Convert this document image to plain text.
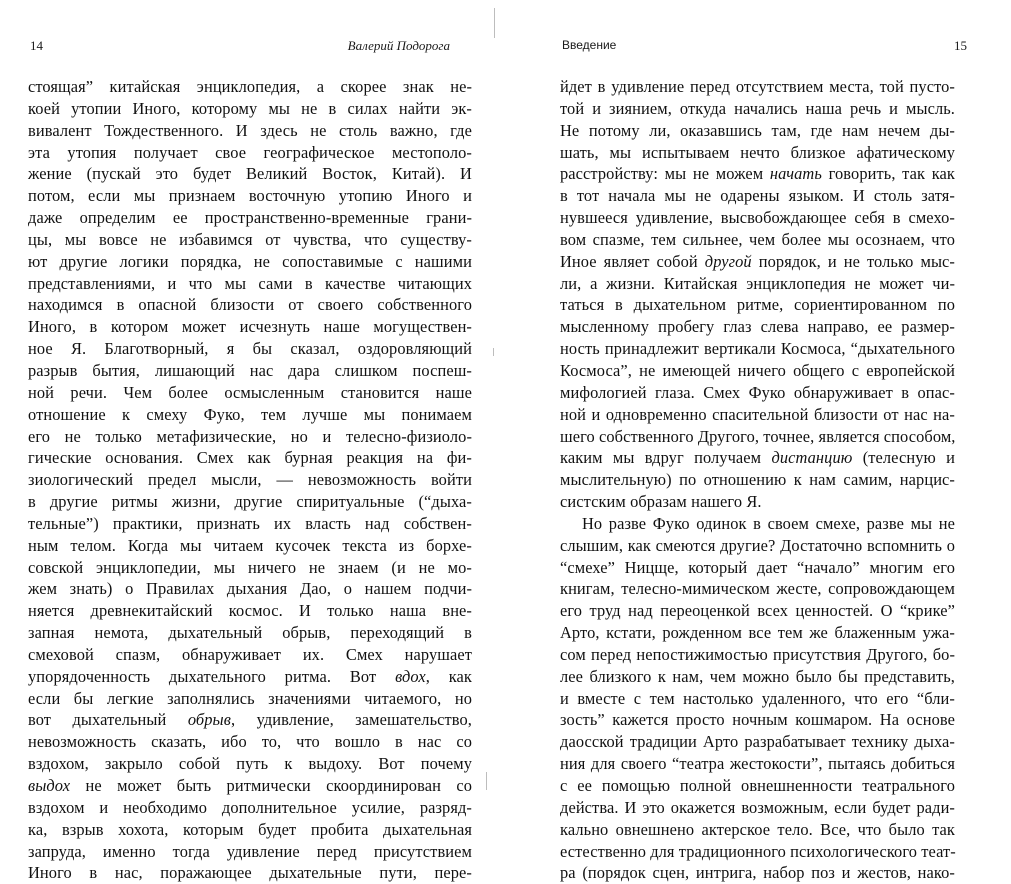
14	Валерий Подорога
стоящая” китайская энциклопедия, а скорее знак не-
коей утопии Иного, которому мы не в силах найти эк-
вивалент Тождественного. И здесь не столь важно, где
эта утопия получает свое географическое местополо-
жение (пускай это будет Великий Восток, Китай). И
потом, если мы признаем восточную утопию Иного и
даже определим ее пространственно-временные грани-
цы, мы вовсе не избавимся от чувства, что существу-
ют другие логики порядка, не сопоставимые с нашими
представлениями, и что мы сами в качестве читающих
находимся в опасной близости от своего собственного
Иного, в котором может исчезнуть наше могуществен-
ное Я. Благотворный, я бы сказал, оздоровляющий
разрыв бытия, лишающий нас дара слишком поспеш-
ной речи. Чем более осмысленным становится наше
отношение к смеху Фуко, тем лучше мы понимаем
его не только метафизические, но и телесно-физиоло-
гические основания. Смех как бурная реакция на фи-
зиологический предел мысли, — невозможность войти
в другие ритмы жизни, другие спиритуальные (“дыха-
тельные”) практики, признать их власть над собствен-
ным телом. Когда мы читаем кусочек текста из борхе-
совской энциклопедии, мы ничего не знаем (и не мо-
жем знать) о Правилах дыхания Дао, о нашем подчи-
няется древнекитайский космос. И только наша вне-
запная немота, дыхательный обрыв, переходящий в
смеховой спазм, обнаруживает их. Смех нарушает
упорядоченность дыхательного ритма. Вот вдох, как
если бы легкие заполнялись значениями читаемого, но
вот дыхательный обрыв, удивление, замешательство,
невозможность сказать, ибо то, что вошло в нас со
вздохом, закрыло собой путь к выдоху. Вот почему
выдох не может быть ритмически скоординирован со
вздохом и необходимо дополнительное усилие, разряд-
ка, взрыв хохота, которым будет пробита дыхательная
запруда, именно тогда удивление перед присутствием
Иного в нас, поражающее дыхательные пути, пере-
Введение	15
йдет в удивление перед отсутствием места, той пусто-
той и зиянием, откуда начались наша речь и мысль.
Не потому ли, оказавшись там, где нам нечем ды-
шать, мы испытываем нечто близкое афатическому
расстройству: мы не можем начать говорить, так как
в тот начала мы не одарены языком. И столь затя-
нувшееся удивление, высвобождающее себя в смехо-
вом спазме, тем сильнее, чем более мы осознаем, что
Иное являет собой другой порядок, и не только мыс-
ли, а жизни. Китайская энциклопедия не может чи-
таться в дыхательном ритме, сориентированном по
мысленному пробегу глаз слева направо, ее размер-
ность принадлежит вертикали Космоса, “дыхательного
Космоса”, не имеющей ничего общего с европейской
мифологией глаза. Смех Фуко обнаруживает в опас-
ной и одновременно спасительной близости от нас на-
шего собственного Другого, точнее, является способом,
каким мы вдруг получаем дистанцию (телесную и
мыслительную) по отношению к нам самим, нарцис-
систским образам нашего Я.
Но разве Фуко одинок в своем смехе, разве мы не
слышим, как смеются другие? Достаточно вспомнить о
“смехе” Ницще, который дает “начало” многим его
книгам, телесно-мимическом жесте, сопровождающем
его труд над переоценкой всех ценностей. О “крике”
Арто, кстати, рожденном все тем же блаженным ужа-
сом перед непостижимостью присутствия Другого, бо-
лее близкого к нам, чем можно было бы представить,
и вместе с тем настолько удаленного, что его “бли-
зость” кажется просто ночным кошмаром. На основе
даосской традиции Арто разрабатывает технику дыха-
ния для своего “театра жестокости”, пытаясь добиться
с ее помощью полной овнешненности театрального
действа. И это окажется возможным, если будет ради-
кально овнешнено актерское тело. Все, что было так
естественно для традиционного психологического теат-
ра (порядок сцен, интрига, набор поз и жестов, нако-
